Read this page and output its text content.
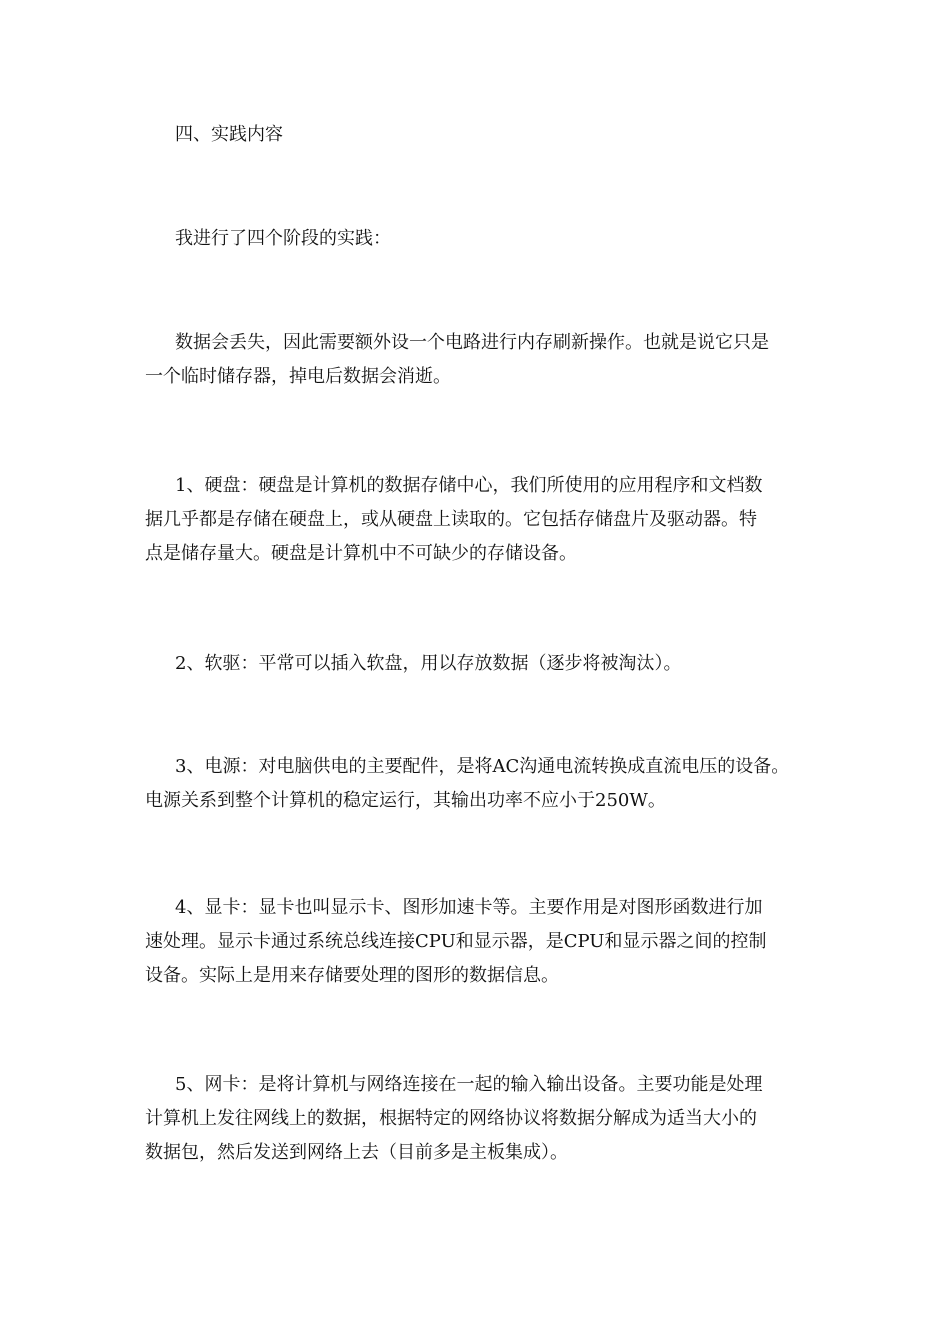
四、实践内容
我进行了四个阶段的实践：
数据会丢失，因此需要额外设一个电路进行内存刷新操作。也就是说它只是
一个临时储存器，掉电后数据会消逝。
1、硬盘：硬盘是计算机的数据存储中心，我们所使用的应用程序和文档数
据几乎都是存储在硬盘上，或从硬盘上读取的。它包括存储盘片及驱动器。特
点是储存量大。硬盘是计算机中不可缺少的存储设备。
2、软驱：平常可以插入软盘，用以存放数据（逐步将被淘汰）。
3、电源：对电脑供电的主要配件，是将AC沟通电流转换成直流电压的设备。
电源关系到整个计算机的稳定运行，其输出功率不应小于250W。
4、显卡：显卡也叫显示卡、图形加速卡等。主要作用是对图形函数进行加
速处理。显示卡通过系统总线连接CPU和显示器，是CPU和显示器之间的控制
设备。实际上是用来存储要处理的图形的数据信息。
5、网卡：是将计算机与网络连接在一起的输入输出设备。主要功能是处理
计算机上发往网线上的数据，根据特定的网络协议将数据分解成为适当大小的
数据包，然后发送到网络上去（目前多是主板集成）。
